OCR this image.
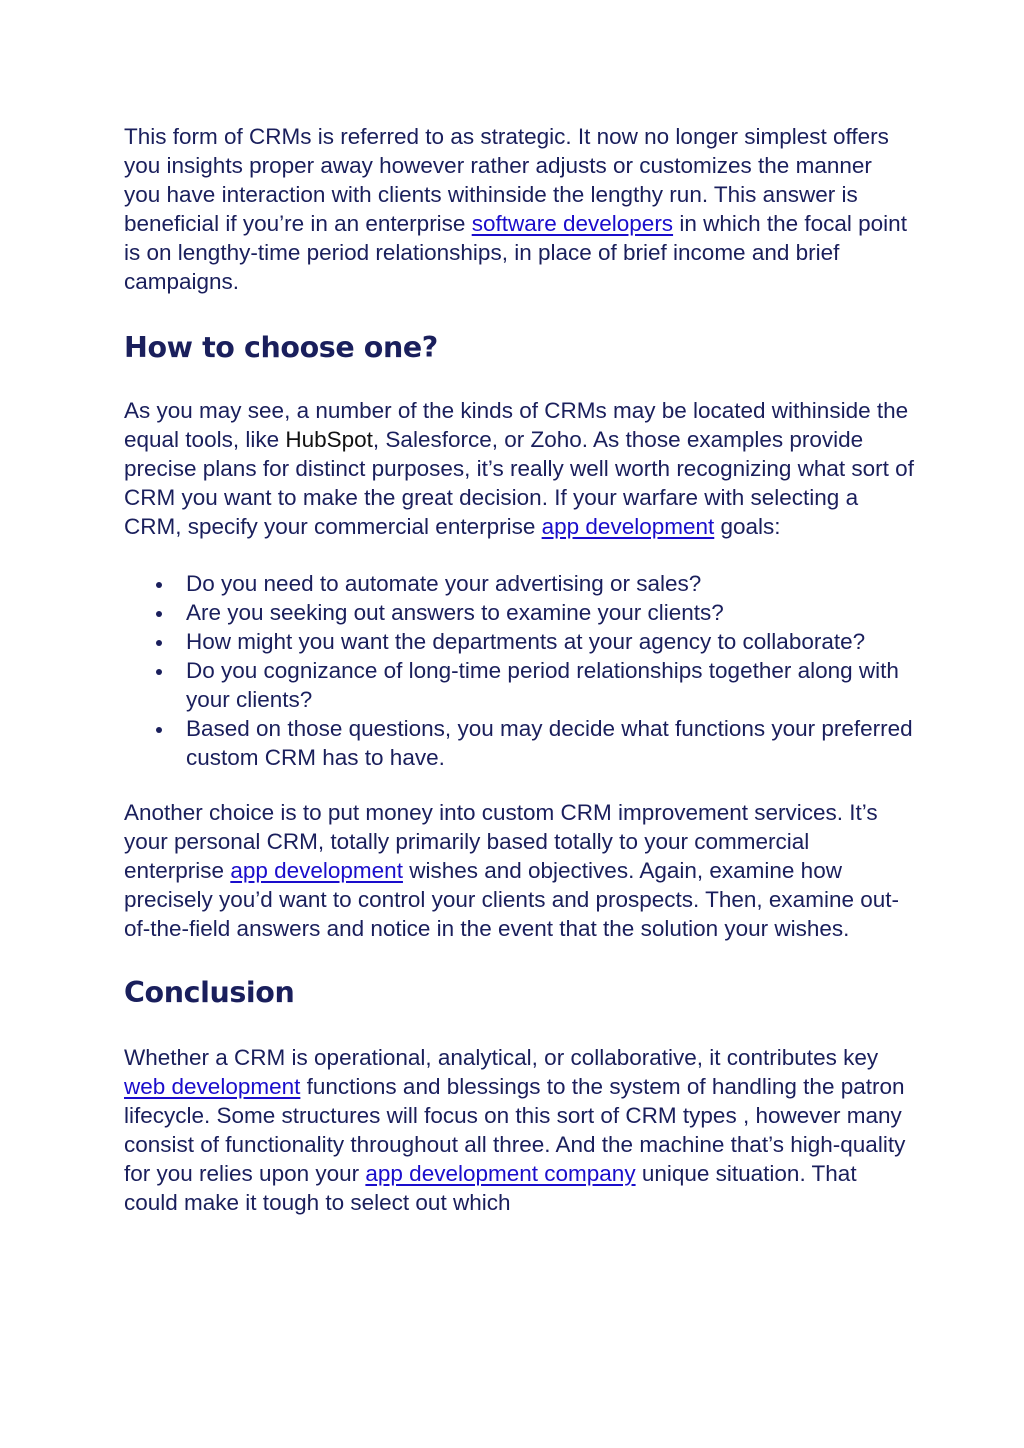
This form of CRMs is referred to as strategic. It now no longer simplest offers you insights proper away however rather adjusts or customizes the manner you have interaction with clients withinside the lengthy run. This answer is beneficial if you’re in an enterprise software developers in which the focal point is on lengthy-time period relationships, in place of brief income and brief campaigns.

How to choose one?

As you may see, a number of the kinds of CRMs may be located withinside the equal tools, like HubSpot, Salesforce, or Zoho. As those examples provide precise plans for distinct purposes, it’s really well worth recognizing what sort of CRM you want to make the great decision. If your warfare with selecting a CRM, specify your commercial enterprise app development goals:

Do you need to automate your advertising or sales?
Are you seeking out answers to examine your clients?
How might you want the departments at your agency to collaborate?
Do you cognizance of long-time period relationships together along with your clients?
Based on those questions, you may decide what functions your preferred custom CRM has to have.

Another choice is to put money into custom CRM improvement services. It’s your personal CRM, totally primarily based totally to your commercial enterprise app development wishes and objectives. Again, examine how precisely you’d want to control your clients and prospects. Then, examine out-of-the-field answers and notice in the event that the solution your wishes.

Conclusion

Whether a CRM is operational, analytical, or collaborative, it contributes key web development functions and blessings to the system of handling the patron lifecycle. Some structures will focus on this sort of CRM types , however many consist of functionality throughout all three. And the machine that’s high-quality for you relies upon your app development company unique situation. That could make it tough to select out which
